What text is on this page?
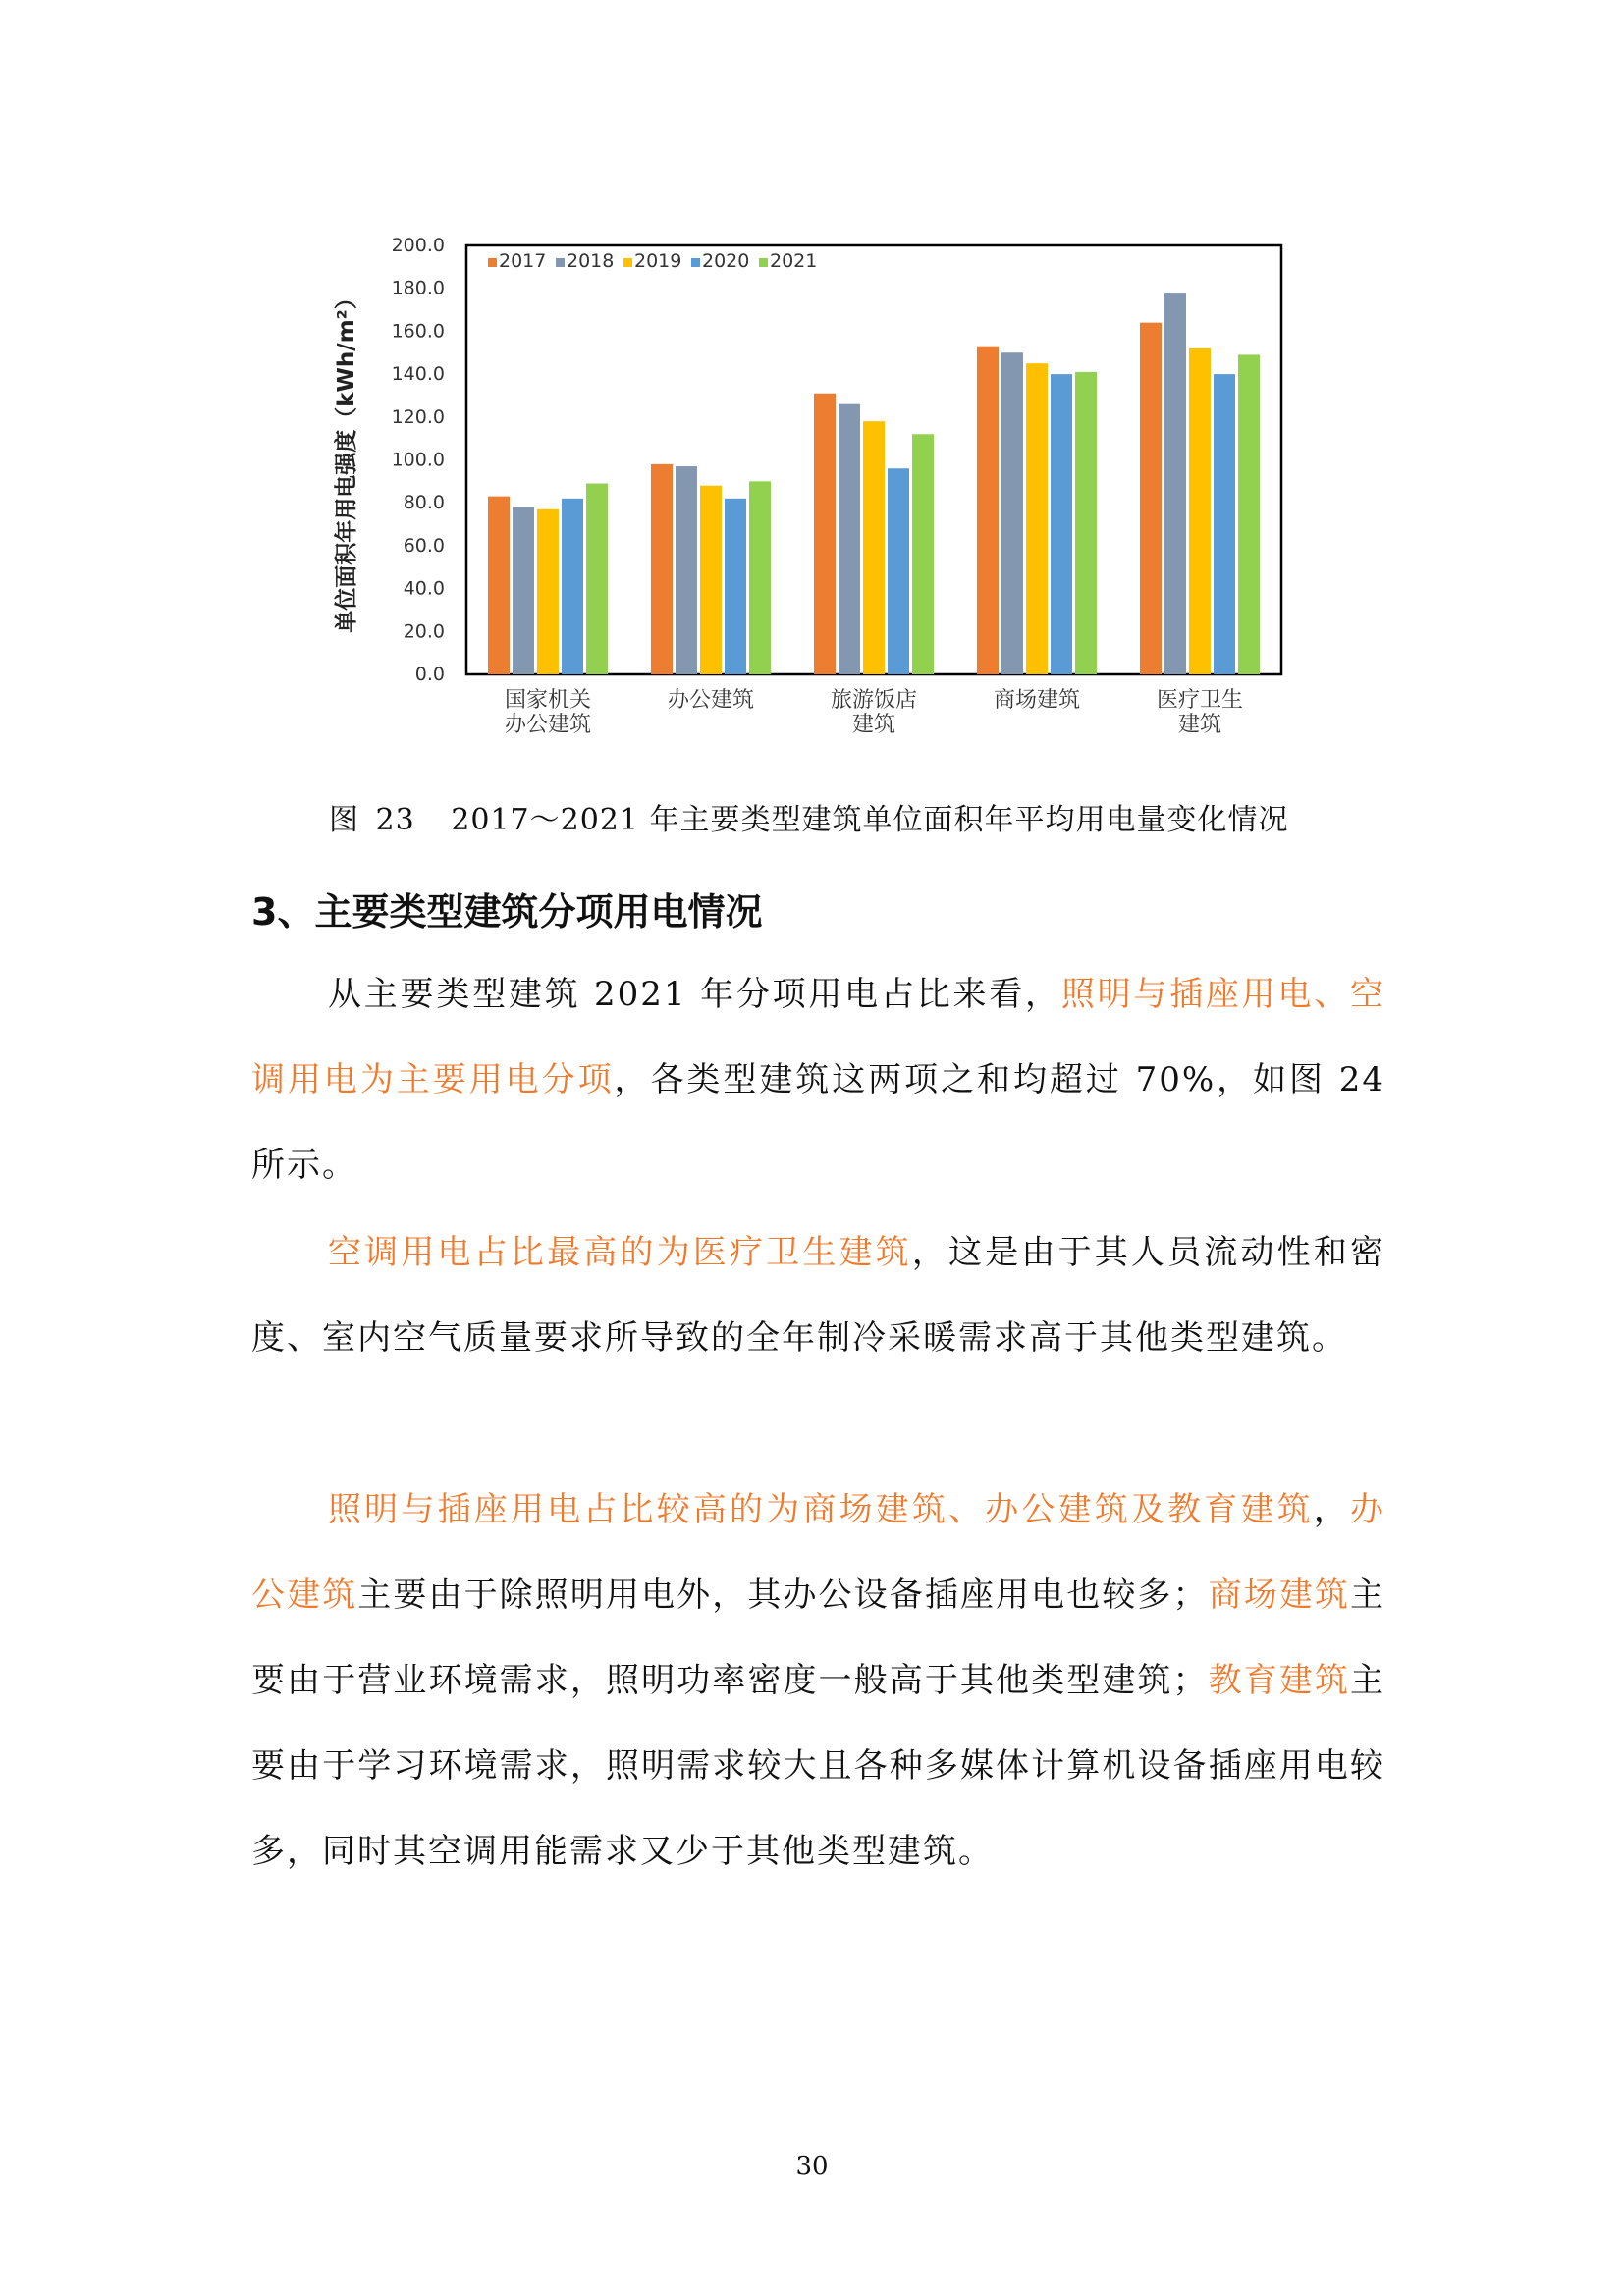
200.0
180.0
160.0
140.0
120.0
100.0
80.0
60.0
40.0
20.0
0.0
单位面积年用电强度（kWh/m²）
国家机关
办公建筑
办公建筑	旅游饭店
建筑
商场建筑	医疗卫生
建筑
2017 2018 2019 2020 2021
图 23 2017～2021 年主要类型建筑单位面积年平均用电量变化情况
3、主要类型建筑分项用电情况

从主要类型建筑 2021 年分项用电占比来看，照明与插座用电、空调用电为主要用电分项，各类型建筑这两项之和均超过 70%，如图 24 所示。

空调用电占比最高的为医疗卫生建筑，这是由于其人员流动性和密度、室内空气质量要求所导致的全年制冷采暖需求高于其他类型建筑。

照明与插座用电占比较高的为商场建筑、办公建筑及教育建筑，办公建筑主要由于除照明用电外，其办公设备插座用电也较多；商场建筑主要由于营业环境需求，照明功率密度一般高于其他类型建筑；教育建筑主要由于学习环境需求，照明需求较大且各种多媒体计算机设备插座用电较多，同时其空调用能需求又少于其他类型建筑。

30
